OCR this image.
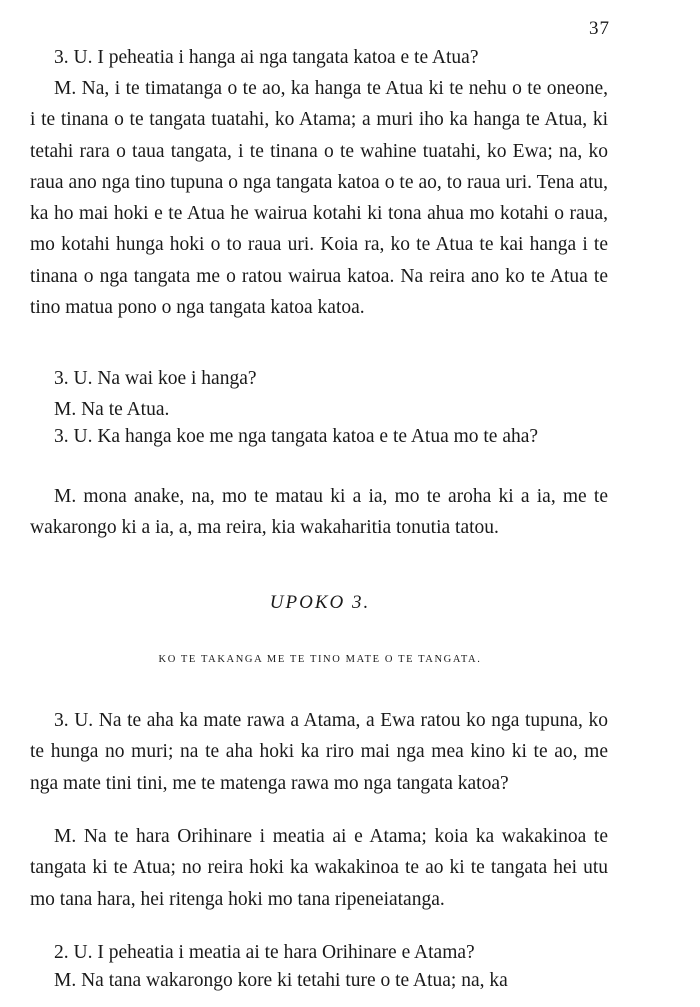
37

3. U. I peheatia i hanga ai nga tangata katoa e te Atua?

M. Na, i te timatanga o te ao, ka hanga te Atua ki te nehu o te oneone, i te tinana o te tangata tuatahi, ko Atama; a muri iho ka hanga te Atua, ki tetahi rara o taua tangata, i te tinana o te wahine tuatahi, ko Ewa; na, ko raua ano nga tino tupuna o nga tangata katoa o te ao, to raua uri. Tena atu, ka ho mai hoki e te Atua he wairua kotahi ki tona ahua mo kotahi o raua, mo kotahi hunga hoki o to raua uri. Koia ra, ko te Atua te kai hanga i te tinana o nga tangata me o ratou wairua katoa. Na reira ano ko te Atua te tino matua pono o nga tangata katoa katoa.

3. U. Na wai koe i hanga?

M. Na te Atua.

3. U. Ka hanga koe me nga tangata katoa e te Atua mo te aha?

M. mona anake, na, mo te matau ki a ia, mo te aroha ki a ia, me te wakarongo ki a ia, a, ma reira, kia wakaharitia tonutia tatou.

UPOKO 3.
KO TE TAKANGA ME TE TINO MATE O TE TANGATA.

3. U. Na te aha ka mate rawa a Atama, a Ewa ratou ko nga tupuna, ko te hunga no muri; na te aha hoki ka riro mai nga mea kino ki te ao, me nga mate tini tini, me te matenga rawa mo nga tangata katoa?

M. Na te hara Orihinare i meatia ai e Atama; koia ka wakakinoa te tangata ki te Atua; no reira hoki ka wakakinoa te ao ki te tangata hei utu mo tana hara, hei ritenga hoki mo tana ripeneiatanga.

2. U. I peheatia i meatia ai te hara Orihinare e Atama?

M. Na tana wakarongo kore ki tetahi ture o te Atua; na, ka
